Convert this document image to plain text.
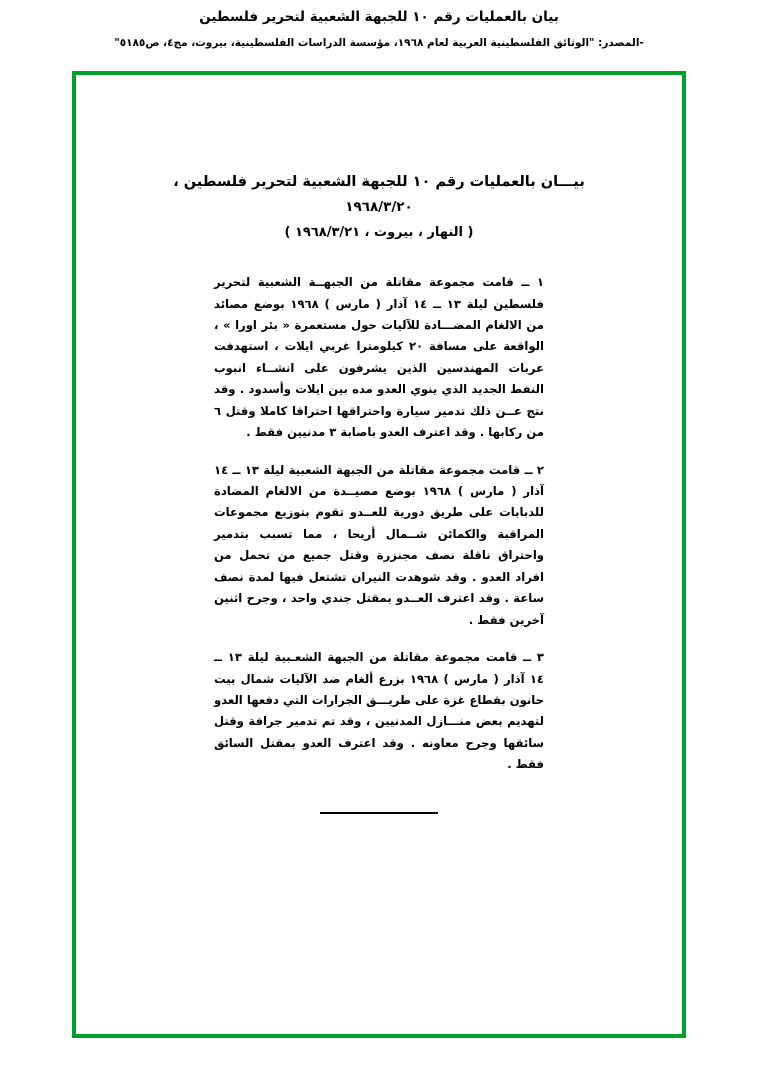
بيان بالعمليات رقم ١٠ للجبهة الشعبية لتحرير فلسطين
-المصدر: "الوثائق الفلسطينية العربية لعام ١٩٦٨، مؤسسة الدراسات الفلسطينية، بيروت، مج٤، ص٥١٨٥"
بيـــان بالعمليات رقم ١٠ للجبهة الشعبية لتحرير فلسطين ،
١٩٦٨/٣/٢٠
( النهار ، بيروت ، ١٩٦٨/٣/٢١ )

١ ــ قامت مجموعة مقاتلة من الجبهــة الشعبية لتحرير فلسطين ليلة ١٣ ــ ١٤ آذار ( مارس ) ١٩٦٨ بوضع مصائد من الالغام المضـــادة للآليات حول مستعمرة « بئر اورا » ، الواقعة على مسافة ٢٠ كيلومترا غربي ايلات ، استهدفت عربات المهندسين الذين يشرفون على انشــاء انبوب النفط الجديد الذي ينوي العدو مده بين ايلات وأسدود . وقد نتج عــن ذلك تدمير سيارة واحتراقها احتراقا كاملا وقتل ٦ من ركابها . وقد اعترف العدو باصابة ٣ مدنيين فقط .

٢ ــ قامت مجموعة مقاتلة من الجبهة الشعبية ليلة ١٣ ــ ١٤ آذار ( مارس ) ١٩٦٨ بوضع مصيــدة من الالغام المضادة للدبابات على طريق دورية للعــدو تقوم بتوزيع مجموعات المراقبة والكمائن شــمال أريحا ، مما تسبب بتدمير واحتراق ناقلة نصف مجنزرة وقتل جميع من تحمل من افراد العدو . وقد شوهدت النيران تشتعل فيها لمدة نصف ساعة . وقد اعترف العــدو بمقتل جندي واحد ، وجرح اثنين آخرين فقط .

٣ ــ قامت مجموعة مقاتلة من الجبهة الشعـبية ليلة ١٣ ــ ١٤ آذار ( مارس ) ١٩٦٨ بزرع ألغام ضد الآليات شمال بيت حانون بقطاع غزة على طريـــق الجرارات التي دفعها العدو لتهديم بعض منـــازل المدنيين ، وقد تم تدمير جرافة وقتل سائقها وجرح معاونه . وقد اعترف العدو بمقتل السائق فقط .
